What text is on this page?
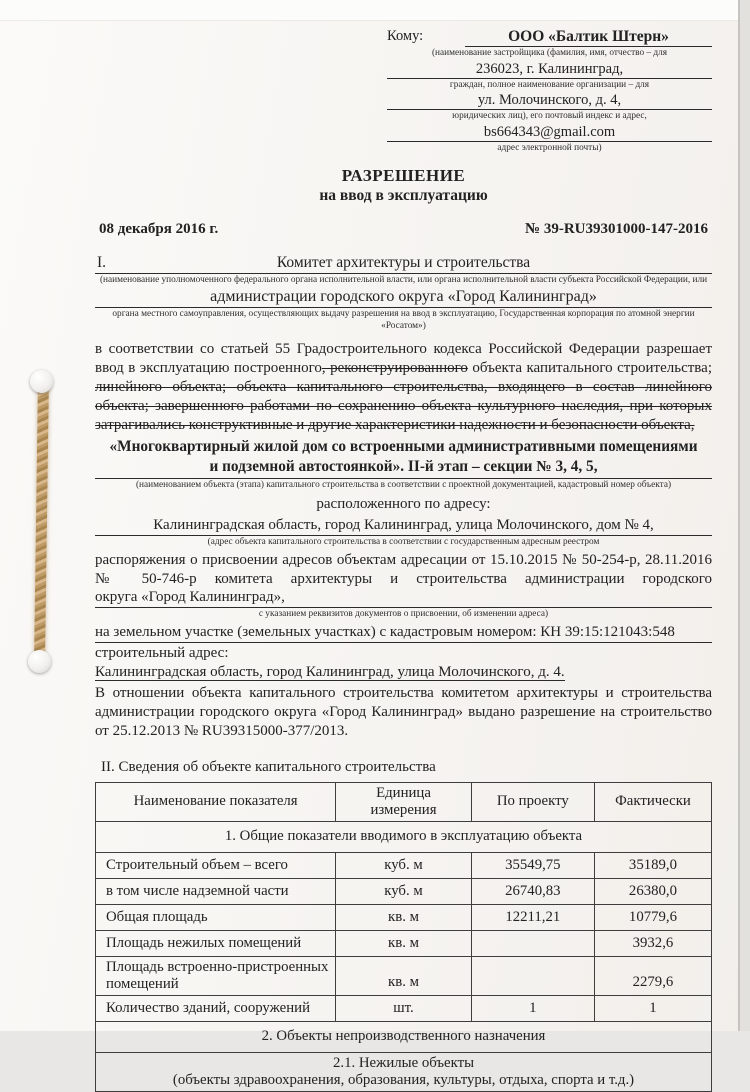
Кому:	ООО «Балтик Штерн»
(наименование застройщика (фамилия, имя, отчество – для
236023, г. Калининград,
граждан, полное наименование организации – для
ул. Молочинского, д. 4,
юридических лиц), его почтовый индекс и адрес,
bs664343@gmail.com
адрес электронной почты)
РАЗРЕШЕНИЕ
на ввод в эксплуатацию
08 декабря 2016 г.	№ 39-RU39301000-147-2016
I.	Комитет архитектуры и строительства
(наименование уполномоченного федерального органа исполнительной власти, или органа исполнительной власти субъекта Российской Федерации, или
администрации городского округа «Город Калининград»
органа местного самоуправления, осуществляющих выдачу разрешения на ввод в эксплуатацию, Государственная корпорация по атомной энергии «Росатом»)

в соответствии со статьей 55 Градостроительного кодекса Российской Федерации разрешает ввод в эксплуатацию построенного, реконструированного объекта капитального строительства; линейного объекта; объекта капитального строительства, входящего в состав линейного объекта; завершенного работами по сохранению объекта культурного наследия, при которых затрагивались конструктивные и другие характеристики надежности и безопасности объекта,

«Многоквартирный жилой дом со встроенными административными помещениями
и подземной автостоянкой». II-й этап – секции № 3, 4, 5,
(наименованием объекта (этапа) капитального строительства в соответствии с проектной документацией, кадастровый номер объекта)
расположенного по адресу:
Калининградская область, город Калининград, улица Молочинского, дом № 4,
(адрес объекта капитального строительства в соответствии с государственным адресным реестром
распоряжения о присвоении адресов объектам адресации от 15.10.2015 № 50-254-р, 28.11.2016 № 50-746-р комитета архитектуры и строительства администрации городского
округа «Город Калининград»,
с указанием реквизитов документов о присвоении, об изменении адреса)
на земельном участке (земельных участках) с кадастровым номером: КН 39:15:121043:548
строительный адрес:
Калининградская область, город Калининград, улица Молочинского, д. 4.

В отношении объекта капитального строительства комитетом архитектуры и строительства администрации городского округа «Город Калининград» выдано разрешение на строительство от 25.12.2013 № RU39315000-377/2013.

II. Сведения об объекте капитального строительства
Наименование показателя	Единица измерения	По проекту	Фактически
1. Общие показатели вводимого в эксплуатацию объекта			
Строительный объем – всего	куб. м	35549,75	35189,0
в том числе надземной части	куб. м	26740,83	26380,0
Общая площадь	кв. м	12211,21	10779,6
Площадь нежилых помещений	кв. м		3932,6
Площадь встроенно-пристроенных помещений	кв. м		2279,6
Количество зданий, сооружений	шт.	1	1
2. Объекты непроизводственного назначения			

2.1. Нежилые объекты
(объекты здравоохранения, образования, культуры, отдыха, спорта и т.д.)			
